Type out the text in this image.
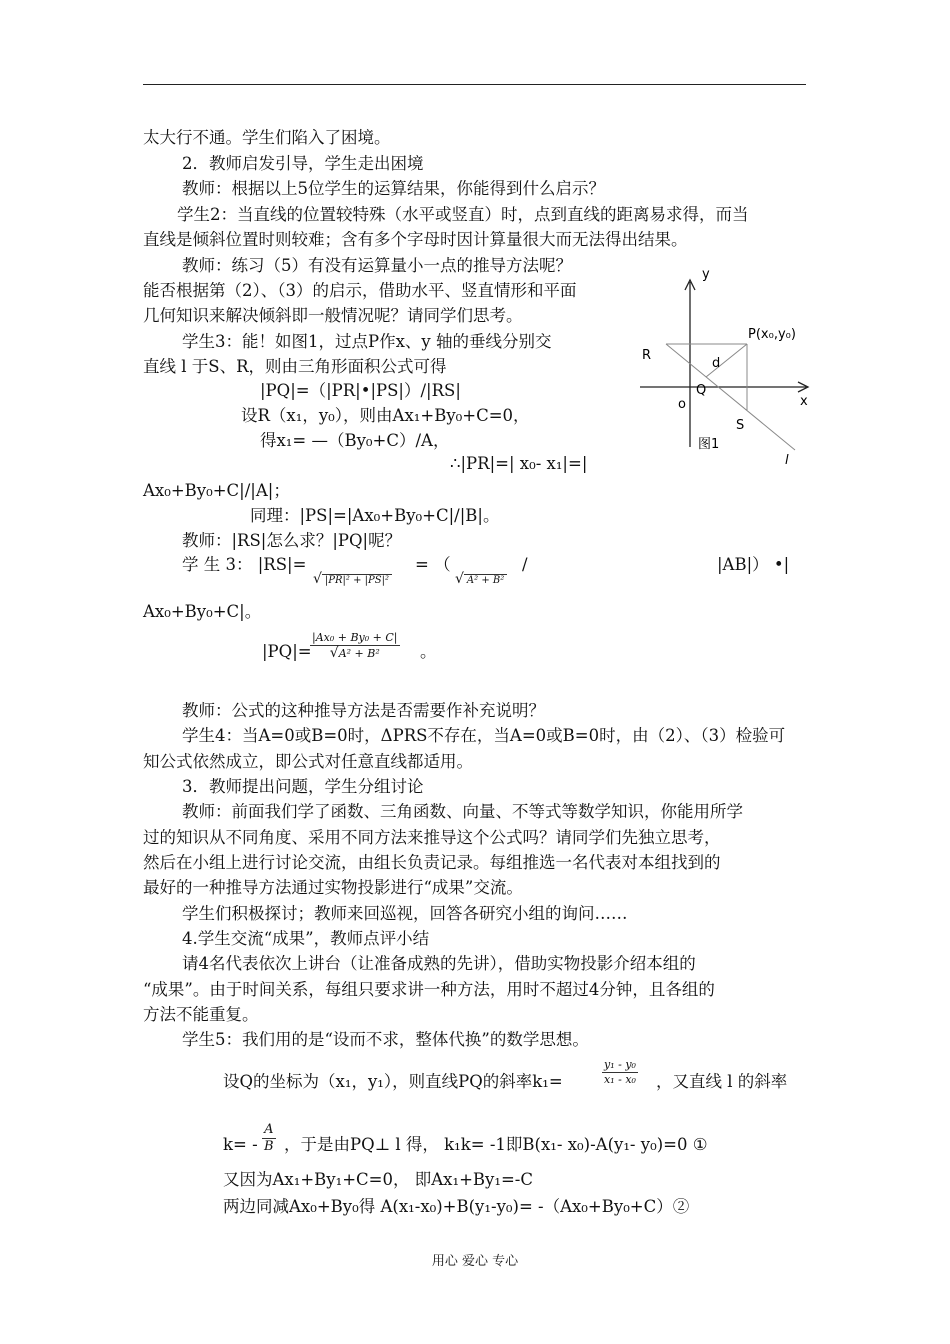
太大行不通。学生们陷入了困境。
2．教师启发引导，学生走出困境
教师：根据以上5位学生的运算结果，你能得到什么启示？
学生2：当直线的位置较特殊（水平或竖直）时，点到直线的距离易求得，而当
直线是倾斜位置时则较难；含有多个字母时因计算量很大而无法得出结果。
教师：练习（5）有没有运算量小一点的推导方法呢？
能否根据第（2）、（3）的启示，借助水平、竖直情形和平面
几何知识来解决倾斜即一般情况呢？请同学们思考。
学生3：能！如图1，过点P作x、y 轴的垂线分别交
直线 l 于S、R，则由三角形面积公式可得
|PQ|=（|PR|•|PS|）/|RS|
设R（x₁，y₀），则由Ax₁+By₀+C=0，
得x₁= —（By₀+C）/A，
∴|PR|=| x₀- x₁|=|
Ax₀+By₀+C|/|A|；
同理：|PS|=|Ax₀+By₀+C|/|B|。
教师：|RS|怎么求？|PQ|呢？
学 生 3： |RS|=
√ |PR|² + |PS|²
= （
√ A² + B²
/	|AB|） •|
Ax₀+By₀+C|。
|PQ|=
$\frac{\text{|Ax₀ + By₀ + C|}}{\text{√A² + B²}}$ 。
教师：公式的这种推导方法是否需要作补充说明？
学生4：当A=0或B=0时，ΔPRS不存在，当A=0或B=0时，由（2）、（3）检验可
知公式依然成立，即公式对任意直线都适用。
3．教师提出问题，学生分组讨论
教师：前面我们学了函数、三角函数、向量、不等式等数学知识，你能用所学
过的知识从不同角度、采用不同方法来推导这个公式吗？请同学们先独立思考，
然后在小组上进行讨论交流，由组长负责记录。每组推选一名代表对本组找到的
最好的一种推导方法通过实物投影进行“成果”交流。
学生们积极探讨；教师来回巡视，回答各研究小组的询问……
4.学生交流“成果”，教师点评小结
请4名代表依次上讲台（让准备成熟的先讲），借助实物投影介绍本组的
“成果”。由于时间关系，每组只要求讲一种方法，用时不超过4分钟，且各组的
方法不能重复。
学生5：我们用的是“设而不求，整体代换”的数学思想。
设Q的坐标为（x₁，y₁），则直线PQ的斜率k₁=	$\frac{\text{y₁ - y₀}}{\text{x₁ - x₀}}$ ，又直线 l 的斜率
$k= - \frac{A}{B}$ ，于是由PQ⊥ l 得， k₁k= -1即B(x₁- x₀)-A(y₁- y₀)=0 ①
又因为Ax₁+By₁+C=0， 即Ax₁+By₁=-C
两边同减Ax₀+By₀得 A(x₁-x₀)+B(y₁-y₀)= -（Ax₀+By₀+C）②
y
x
o
P(x₀,y₀)
R
d
Q
S
图1
l
用心 爱心 专心
